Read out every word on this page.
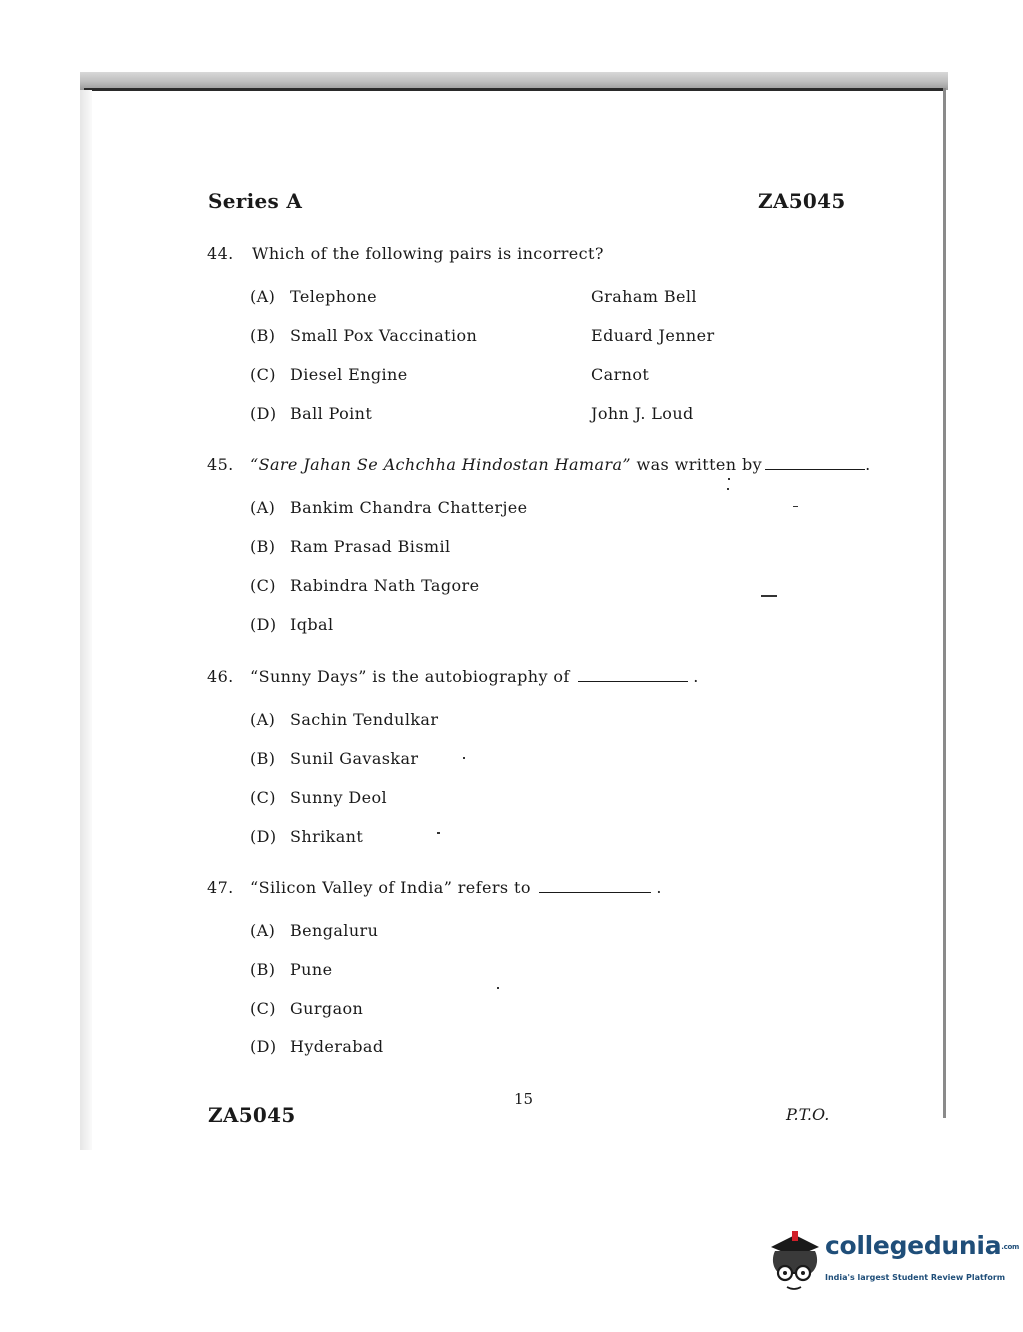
Series A	ZA5045
44. Which of the following pairs is incorrect?
(A) Telephone	Graham Bell
(B) Small Pox Vaccination	Eduard Jenner
(C) Diesel Engine	Carnot
(D) Ball Point	John J. Loud
45. “Sare Jahan Se Achchha Hindostan Hamara” was written by	.
(A) Bankim Chandra Chatterjee
(B) Ram Prasad Bismil
(C) Rabindra Nath Tagore
(D) Iqbal
46. “Sunny Days” is the autobiography of	.
(A) Sachin Tendulkar
(B) Sunil Gavaskar
(C) Sunny Deol
(D) Shrikant
47. “Silicon Valley of India” refers to	.
(A) Bengaluru
(B) Pune
(C) Gurgaon
(D) Hyderabad
15
ZA5045	P.T.O.
collegedunia.com
India's largest Student Review Platform
